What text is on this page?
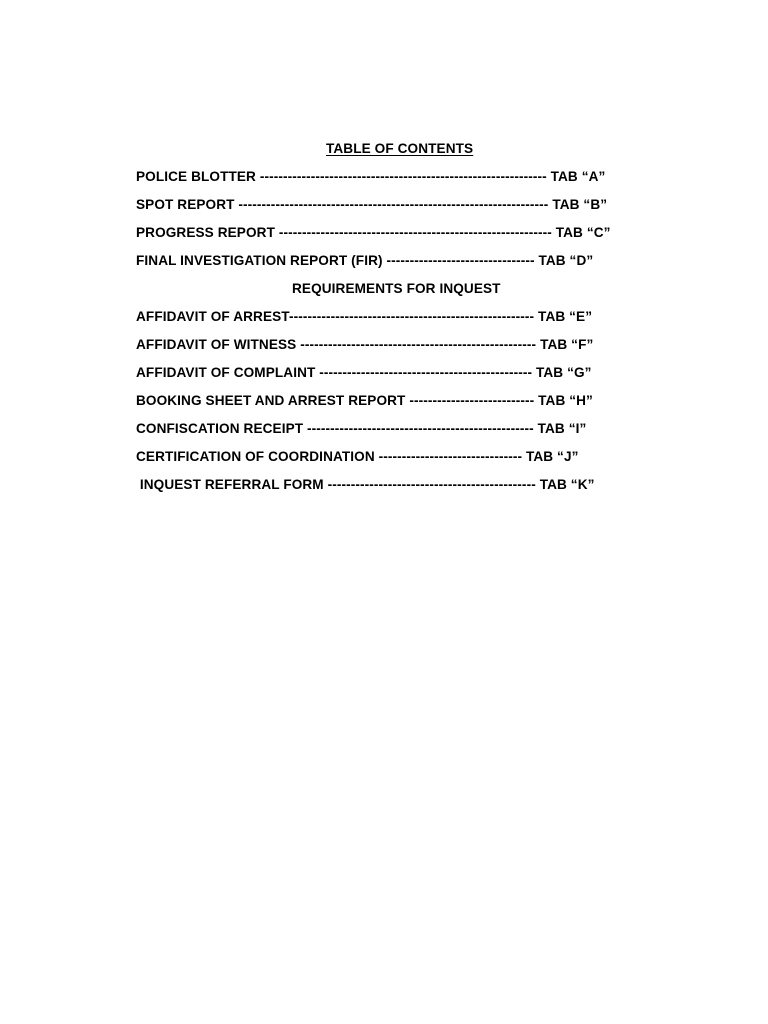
TABLE OF CONTENTS
POLICE BLOTTER -------------------------------------------------------------- TAB “A”
SPOT REPORT ------------------------------------------------------------------- TAB “B”
PROGRESS REPORT ----------------------------------------------------------- TAB “C”
FINAL INVESTIGATION REPORT (FIR) -------------------------------- TAB “D”
REQUIREMENTS FOR INQUEST
AFFIDAVIT OF ARREST----------------------------------------------------- TAB “E”
AFFIDAVIT OF WITNESS --------------------------------------------------- TAB “F”
AFFIDAVIT OF COMPLAINT ---------------------------------------------- TAB “G”
BOOKING SHEET AND ARREST REPORT --------------------------- TAB “H”
CONFISCATION RECEIPT ------------------------------------------------- TAB “I”
CERTIFICATION OF COORDINATION ------------------------------- TAB “J”
INQUEST REFERRAL FORM --------------------------------------------- TAB “K”
